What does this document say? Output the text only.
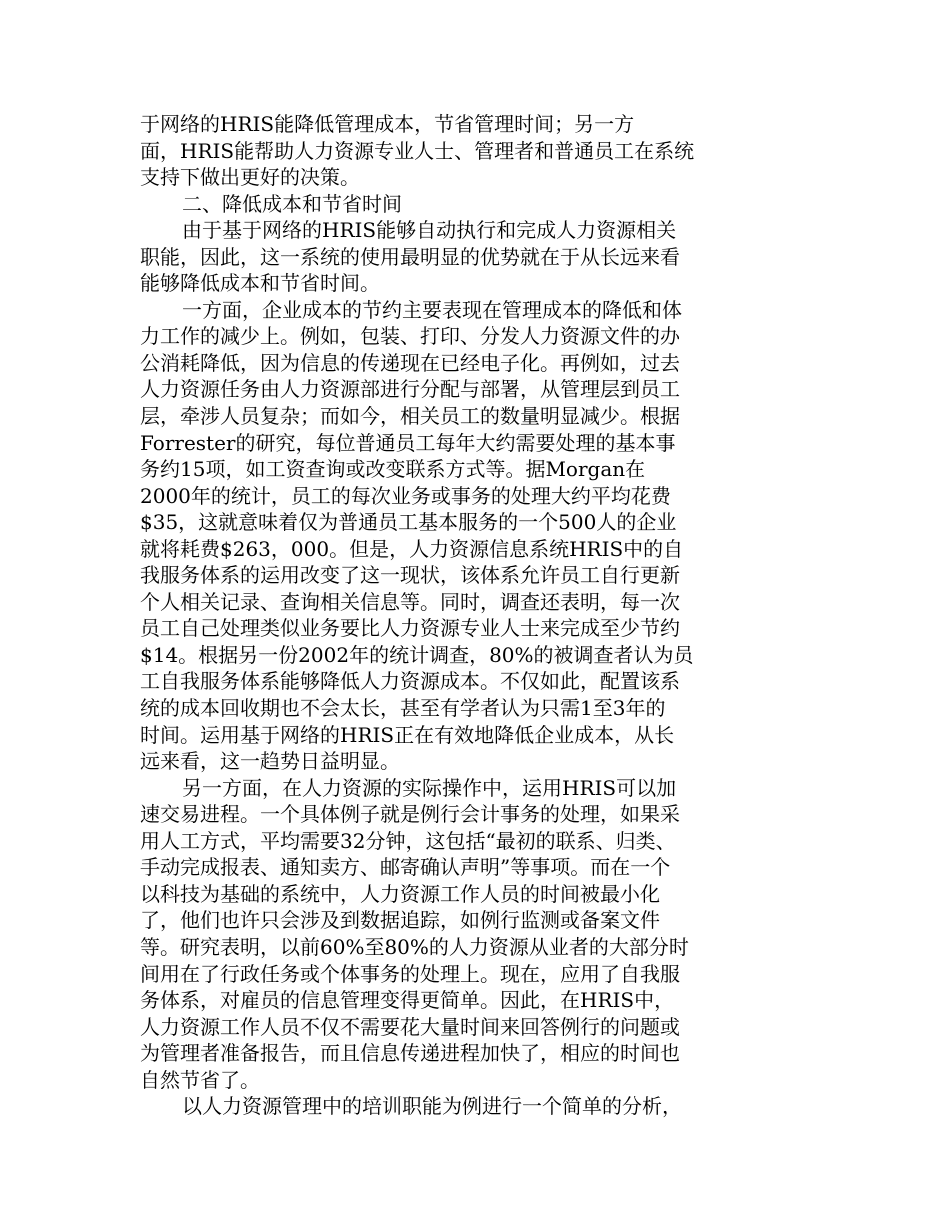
于网络的HRIS能降低管理成本，节省管理时间；另一方
面，HRIS能帮助人力资源专业人士、管理者和普通员工在系统
支持下做出更好的决策。
二、降低成本和节省时间
由于基于网络的HRIS能够自动执行和完成人力资源相关
职能，因此，这一系统的使用最明显的优势就在于从长远来看
能够降低成本和节省时间。
一方面，企业成本的节约主要表现在管理成本的降低和体
力工作的减少上。例如，包装、打印、分发人力资源文件的办
公消耗降低，因为信息的传递现在已经电子化。再例如，过去
人力资源任务由人力资源部进行分配与部署，从管理层到员工
层，牵涉人员复杂；而如今，相关员工的数量明显减少。根据
Forrester的研究，每位普通员工每年大约需要处理的基本事
务约15项，如工资查询或改变联系方式等。据Morgan在
2000年的统计，员工的每次业务或事务的处理大约平均花费
$35，这就意味着仅为普通员工基本服务的一个500人的企业
就将耗费$263，000。但是，人力资源信息系统HRIS中的自
我服务体系的运用改变了这一现状，该体系允许员工自行更新
个人相关记录、查询相关信息等。同时，调查还表明，每一次
员工自己处理类似业务要比人力资源专业人士来完成至少节约
$14。根据另一份2002年的统计调查，80%的被调查者认为员
工自我服务体系能够降低人力资源成本。不仅如此，配置该系
统的成本回收期也不会太长，甚至有学者认为只需1至3年的
时间。运用基于网络的HRIS正在有效地降低企业成本，从长
远来看，这一趋势日益明显。
另一方面，在人力资源的实际操作中，运用HRIS可以加
速交易进程。一个具体例子就是例行会计事务的处理，如果采
用人工方式，平均需要32分钟，这包括“最初的联系、归类、
手动完成报表、通知卖方、邮寄确认声明”等事项。而在一个
以科技为基础的系统中，人力资源工作人员的时间被最小化
了，他们也许只会涉及到数据追踪，如例行监测或备案文件
等。研究表明，以前60%至80%的人力资源从业者的大部分时
间用在了行政任务或个体事务的处理上。现在，应用了自我服
务体系，对雇员的信息管理变得更简单。因此，在HRIS中，
人力资源工作人员不仅不需要花大量时间来回答例行的问题或
为管理者准备报告，而且信息传递进程加快了，相应的时间也
自然节省了。
以人力资源管理中的培训职能为例进行一个简单的分析，
